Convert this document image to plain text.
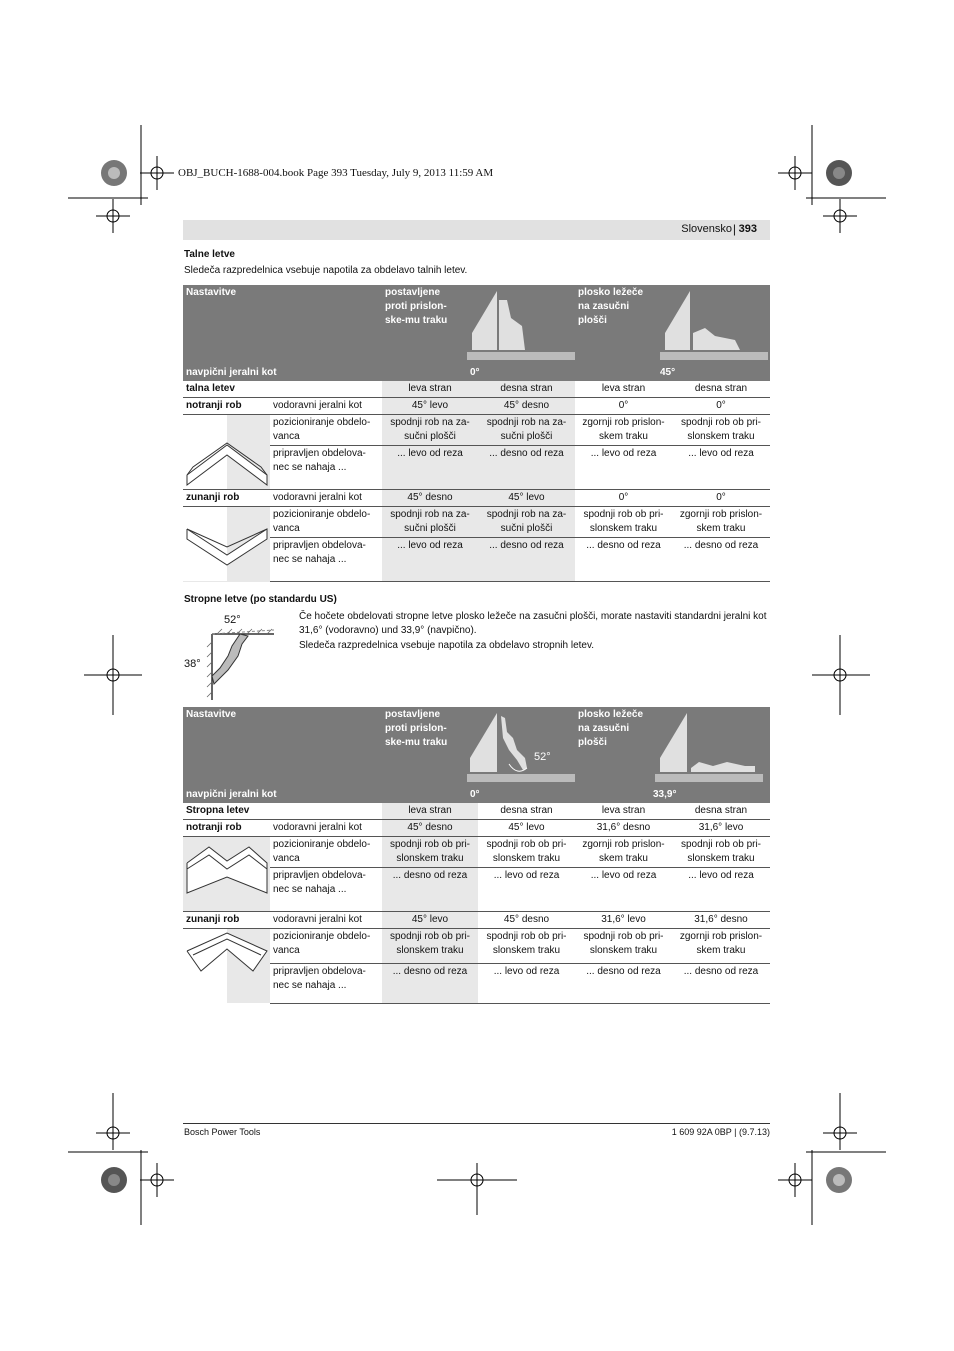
OBJ_BUCH-1688-004.book Page 393 Tuesday, July 9, 2013 11:59 AM
Slovensko | 393
Talne letve
Sledeča razpredelnica vsebuje napotila za obdelavo talnih letev.
Nastavitve		postavljene proti prislon-ske-mu traku		plosko ležeče na zasučni plošči	

navpični jeralni kot		0°		45°	
talna letev		leva stran	desna stran	leva stran	desna stran
notranji rob	vodoravni jeralni kot	45° levo	45° desno	0°	0°

	pozicioniranje obdelo-vanca	spodnji rob na za-sučni plošči	spodnji rob na za-sučni plošči	zgornji rob prislon-skem traku	spodnji rob ob pri-slonskem traku
	pripravljen obdelova-nec se nahaja ...	... levo od reza	... desno od reza	... levo od reza	... levo od reza
zunanji rob	vodoravni jeralni kot	45° desno	45° levo	0°	0°

	pozicioniranje obdelo-vanca	spodnji rob na za-sučni plošči	spodnji rob na za-sučni plošči	spodnji rob ob pri-slonskem traku	zgornji rob prislon-skem traku
	pripravljen obdelova-nec se nahaja ...	... levo od reza	... desno od reza	... desno od reza	... desno od reza
Stropne letve (po standardu US)
52°
38°
Če hočete obdelovati stropne letve plosko ležeče na zasučni plošči, morate nastaviti standardni jeralni kot 31,6° (vodoravno) und 33,9° (navpično).
Sledeča razpredelnica vsebuje napotila za obdelavo stropnih letev.
Nastavitve		postavljene proti prislon-ske-mu traku
52°		plosko ležeče na zasučni plošči	

navpični jeralni kot		0°		33,9°	
Stropna letev		leva stran	desna stran	leva stran	desna stran
notranji rob	vodoravni jeralni kot	45° desno	45° levo	31,6° desno	31,6° levo

	pozicioniranje obdelo-vanca	spodnji rob ob pri-slonskem traku	spodnji rob ob pri-slonskem traku	zgornji rob prislon-skem traku	spodnji rob ob pri-slonskem traku
	pripravljen obdelova-nec se nahaja ...	... desno od reza	... levo od reza	... levo od reza	... levo od reza
zunanji rob	vodoravni jeralni kot	45° levo	45° desno	31,6° levo	31,6° desno

	pozicioniranje obdelo-vanca	spodnji rob ob pri-slonskem traku	spodnji rob ob pri-slonskem traku	spodnji rob ob pri-slonskem traku	zgornji rob prislon-skem traku
	pripravljen obdelova-nec se nahaja ...	... desno od reza	... levo od reza	... desno od reza	... desno od reza
Bosch Power Tools	1 609 92A 0BP | (9.7.13)
